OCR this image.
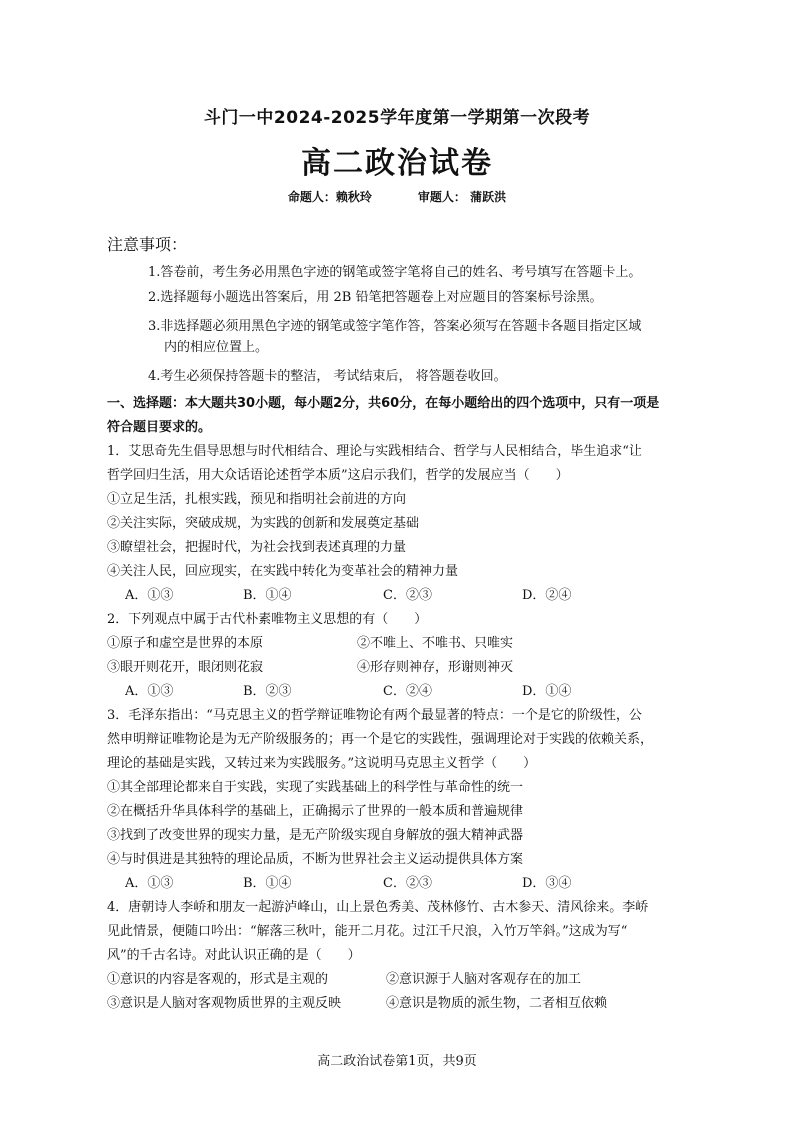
斗门一中2024-2025学年度第一学期第一次段考
高二政治试卷
命题人：赖秋玲	审题人： 蒲跃洪
注意事项：
1.答卷前，考生务必用黑色字迹的钢笔或签字笔将自己的姓名、考号填写在答题卡上。
2.选择题每小题选出答案后，用 2B 铅笔把答题卷上对应题目的答案标号涂黑。
3.非选择题必须用黑色字迹的钢笔或签字笔作答，答案必须写在答题卡各题目指定区域
内的相应位置上。
4.考生必须保持答题卡的整洁， 考试结束后， 将答题卷收回。
一、选择题：本大题共30小题，每小题2分，共60分，在每小题给出的四个选项中，只有一项是
符合题目要求的。
1．艾思奇先生倡导思想与时代相结合、理论与实践相结合、哲学与人民相结合，毕生追求“让
哲学回归生活，用大众话语论述哲学本质”这启示我们，哲学的发展应当（　　）
①立足生活，扎根实践，预见和指明社会前进的方向
②关注实际，突破成规，为实践的创新和发展奠定基础
③瞭望社会，把握时代，为社会找到表述真理的力量
④关注人民，回应现实，在实践中转化为变革社会的精神力量
A．①③	B．①④	C．②③	D．②④
2．下列观点中属于古代朴素唯物主义思想的有（　　）
①原子和虚空是世界的本原	②不唯上、不唯书、只唯实
③眼开则花开，眼闭则花寂	④形存则神存，形谢则神灭
A．①③	B．②③	C．②④	D．①④
3．毛泽东指出：“马克思主义的哲学辩证唯物论有两个最显著的特点：一个是它的阶级性，公
然申明辩证唯物论是为无产阶级服务的；再一个是它的实践性，强调理论对于实践的依赖关系，
理论的基础是实践，又转过来为实践服务。”这说明马克思主义哲学（　　）
①其全部理论都来自于实践，实现了实践基础上的科学性与革命性的统一
②在概括升华具体科学的基础上，正确揭示了世界的一般本质和普遍规律
③找到了改变世界的现实力量，是无产阶级实现自身解放的强大精神武器
④与时俱进是其独特的理论品质，不断为世界社会主义运动提供具体方案
A．①③	B．①④	C．②③	D．③④
4．唐朝诗人李峤和朋友一起游泸峰山，山上景色秀美、茂林修竹、古木参天、清风徐来。李峤
见此情景，便随口吟出：“解落三秋叶，能开二月花。过江千尺浪，入竹万竿斜。”这成为写“
风”的千古名诗。对此认识正确的是（　　）
①意识的内容是客观的，形式是主观的	②意识源于人脑对客观存在的加工
③意识是人脑对客观物质世界的主观反映	④意识是物质的派生物，二者相互依赖
高二政治试卷第1页，共9页
